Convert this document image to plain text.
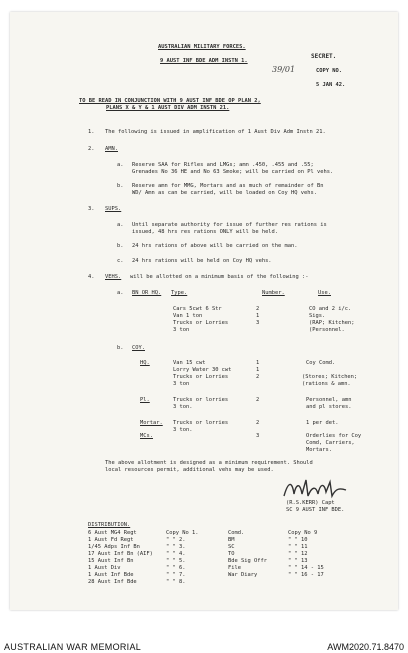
AUSTRALIAN MILITARY FORCES.
9 AUST INF BDE ADM INSTN 1.
39/01
SECRET.
COPY NO.
5 JAN 42.
TO BE READ IN CONJUNCTION WITH 9 AUST INF BDE OP PLAN 2,
PLANS X & Y & 1 AUST DIV ADM INSTN 21.
1. The following is issued in amplification of 1 Aust Div Adm Instn 21.
2. AMN.
a. Reserve SAA for Rifles and LMGs; amn .450, .455 and .55;
Grenades No 36 HE and No 63 Smoke; will be carried on Pl vehs.
b. Reserve amn for MMG, Mortars and as much of remainder of Bn
WD/ Amn as can be carried, will be loaded on Coy HQ vehs.
3. SUPS.
a. Until separate authority for issue of further res rations is
issued, 48 hrs res rations ONLY will be held.
b. 24 hrs rations of above will be carried on the man.
c. 24 hrs rations will be held on Coy HQ vehs.
4. VEHS. will be allotted on a minimum basis of the following :-
a. BN OR HQ. Type.	Number.	Use.
Cars 5cwt 6 Str	2	CO and 2 i/c.
Van 1 ton	1	Sigs.
Trucks or Lorries	3	(RAP; Kitchen;
3 ton	(Personnel.
b. COY.
HQ.	Van 15 cwt	1	Coy Comd.
Lorry Water 30 cwt	1
Trucks or Lorries	2	(Stores; Kitchen;
3 ton	(rations & amn.
Pl.	Trucks or lorries	2	Personnel, amn
3 ton.	and pl stores.
Mortar. Trucks or lorries	2	1 per det.
3 ton.
MCs.	3	Orderlies for Coy
Comd, Carriers,
Mortars.
The above allotment is designed as a minimum requirement. Should
local resources permit, additional vehs may be used.
(R.S.KERR) Capt
SC 9 AUST INF BDE.
DISTRIBUTION.
6 Aust MG4 Regt	Copy No 1.
1 Aust Fd Regt	" " 2.
1/45 Adps Inf Bn	" " 3.
17 Aust Inf Bn (AIF) " " 4.
15 Aust Inf Bn	" " 5.
1 Aust Div	" " 6.
1 Aust Inf Bde	" " 7.
28 Aust Inf Bde	" " 8.
Comd.	Copy No 9
BM	" " 10
SC	" " 11
TO	" " 12
Bde Sig Offr	" " 13
File	" " 14 - 15
War Diary	" " 16 - 17
AUSTRALIAN WAR MEMORIAL	AWM2020.71.8470
